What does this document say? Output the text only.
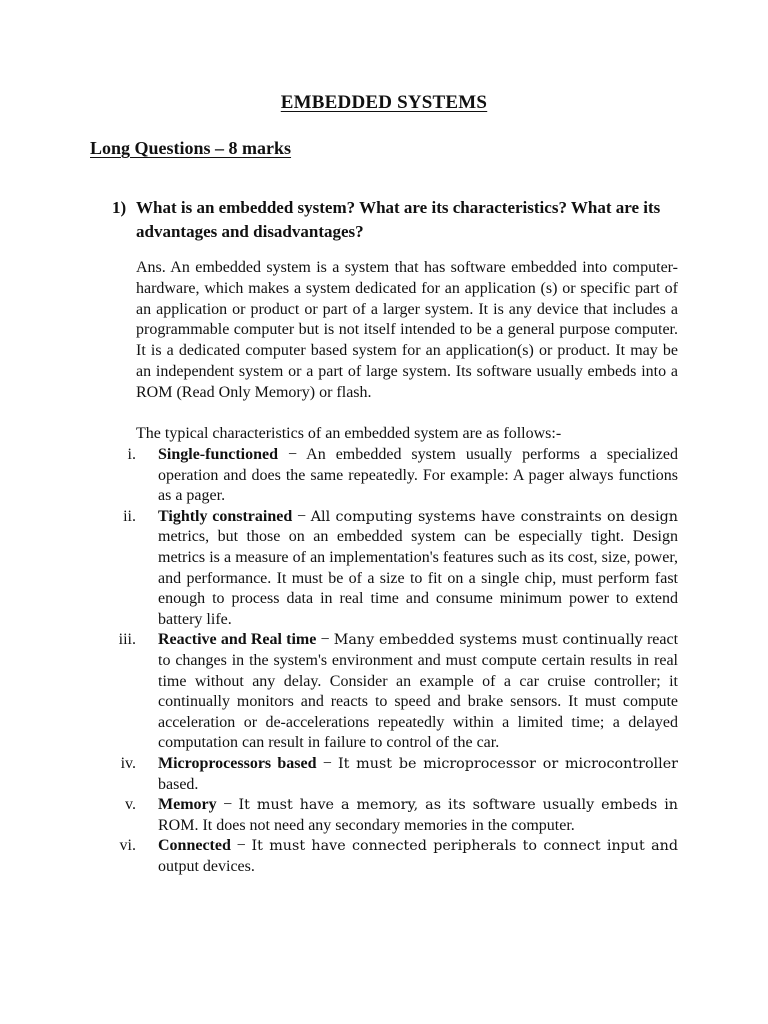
EMBEDDED SYSTEMS
Long Questions – 8 marks
1) What is an embedded system? What are its characteristics? What are its advantages and disadvantages?

Ans. An embedded system is a system that has software embedded into computer-hardware, which makes a system dedicated for an application (s) or specific part of an application or product or part of a larger system. It is any device that includes a programmable computer but is not itself intended to be a general purpose computer. It is a dedicated computer based system for an application(s) or product. It may be an independent system or a part of large system. Its software usually embeds into a ROM (Read Only Memory) or flash.

The typical characteristics of an embedded system are as follows:-
i. Single-functioned − An embedded system usually performs a specialized operation and does the same repeatedly. For example: A pager always functions as a pager.
ii. Tightly constrained − All computing systems have constraints on design metrics, but those on an embedded system can be especially tight. Design metrics is a measure of an implementation's features such as its cost, size, power, and performance. It must be of a size to fit on a single chip, must perform fast enough to process data in real time and consume minimum power to extend battery life.
iii. Reactive and Real time − Many embedded systems must continually react to changes in the system's environment and must compute certain results in real time without any delay. Consider an example of a car cruise controller; it continually monitors and reacts to speed and brake sensors. It must compute acceleration or de-accelerations repeatedly within a limited time; a delayed computation can result in failure to control of the car.
iv. Microprocessors based − It must be microprocessor or microcontroller based.
v. Memory − It must have a memory, as its software usually embeds in ROM. It does not need any secondary memories in the computer.
vi. Connected − It must have connected peripherals to connect input and output devices.
